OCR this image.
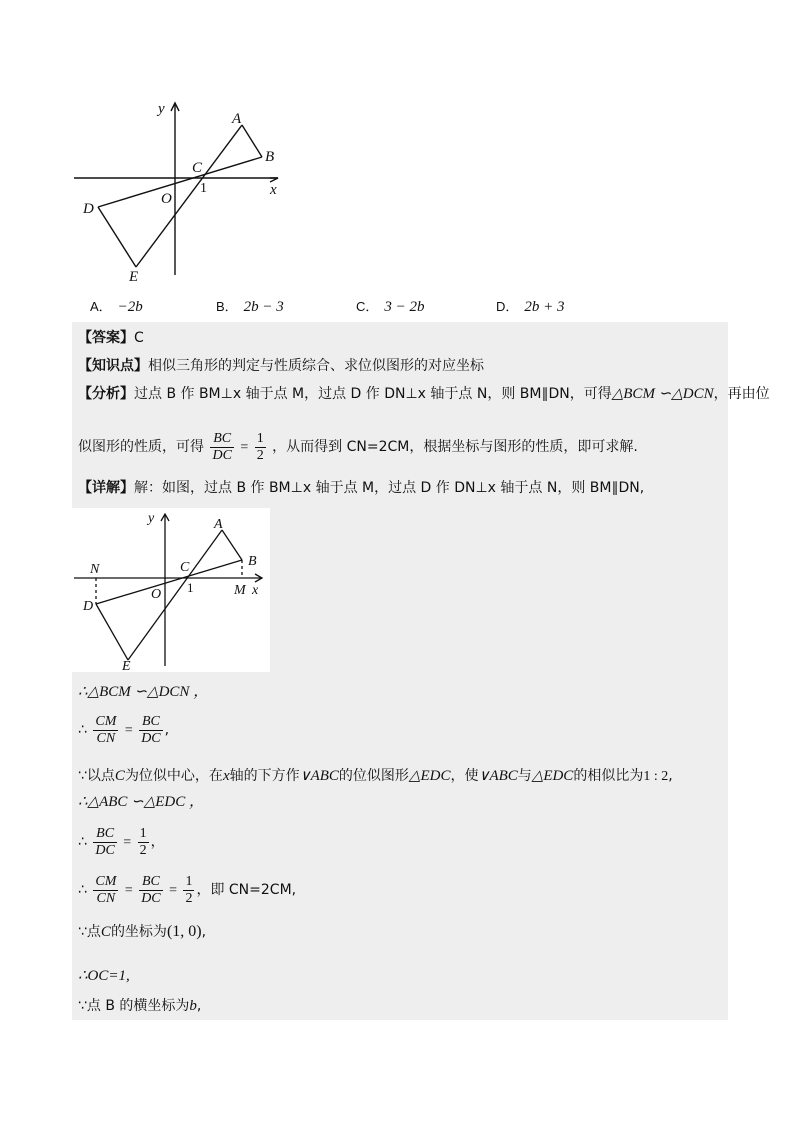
y
x
A
B
C
O
D
E
1
A． −2b	B． 2b − 3	C． 3 − 2b	D． 2b + 3
【答案】C
【知识点】相似三角形的判定与性质综合、求位似图形的对应坐标
【分析】过点 B 作 BM⊥x 轴于点 M，过点 D 作 DN⊥x 轴于点 N，则 BM∥DN，可得△BCM ∽△DCN，再由位
似图形的性质，可得 $\frac{BC}{DC} = \frac{1}{2}$ ，从而得到 CN=2CM，根据坐标与图形的性质，即可求解.
【详解】解：如图，过点 B 作 BM⊥x 轴于点 M，过点 D 作 DN⊥x 轴于点 N，则 BM∥DN,
∴△BCM ∽△DCN ，
∴ $\frac{CM}{CN} = \frac{BC}{DC}$ ,
∵以点C为位似中心，在x轴的下方作∨ABC的位似图形△EDC，使∨ABC与△EDC的相似比为1 : 2,
∴△ABC ∽△EDC ，
∴ $\frac{BC}{DC} = \frac{1}{2}$ ，
∴ $\frac{CM}{CN} = \frac{BC}{DC} = \frac{1}{2}$ ，即 CN=2CM,
∵点C的坐标为(1, 0),
∴OC=1,
∵点 B 的横坐标为b,
y	A
N	C	B
D
O	M x
E
1
